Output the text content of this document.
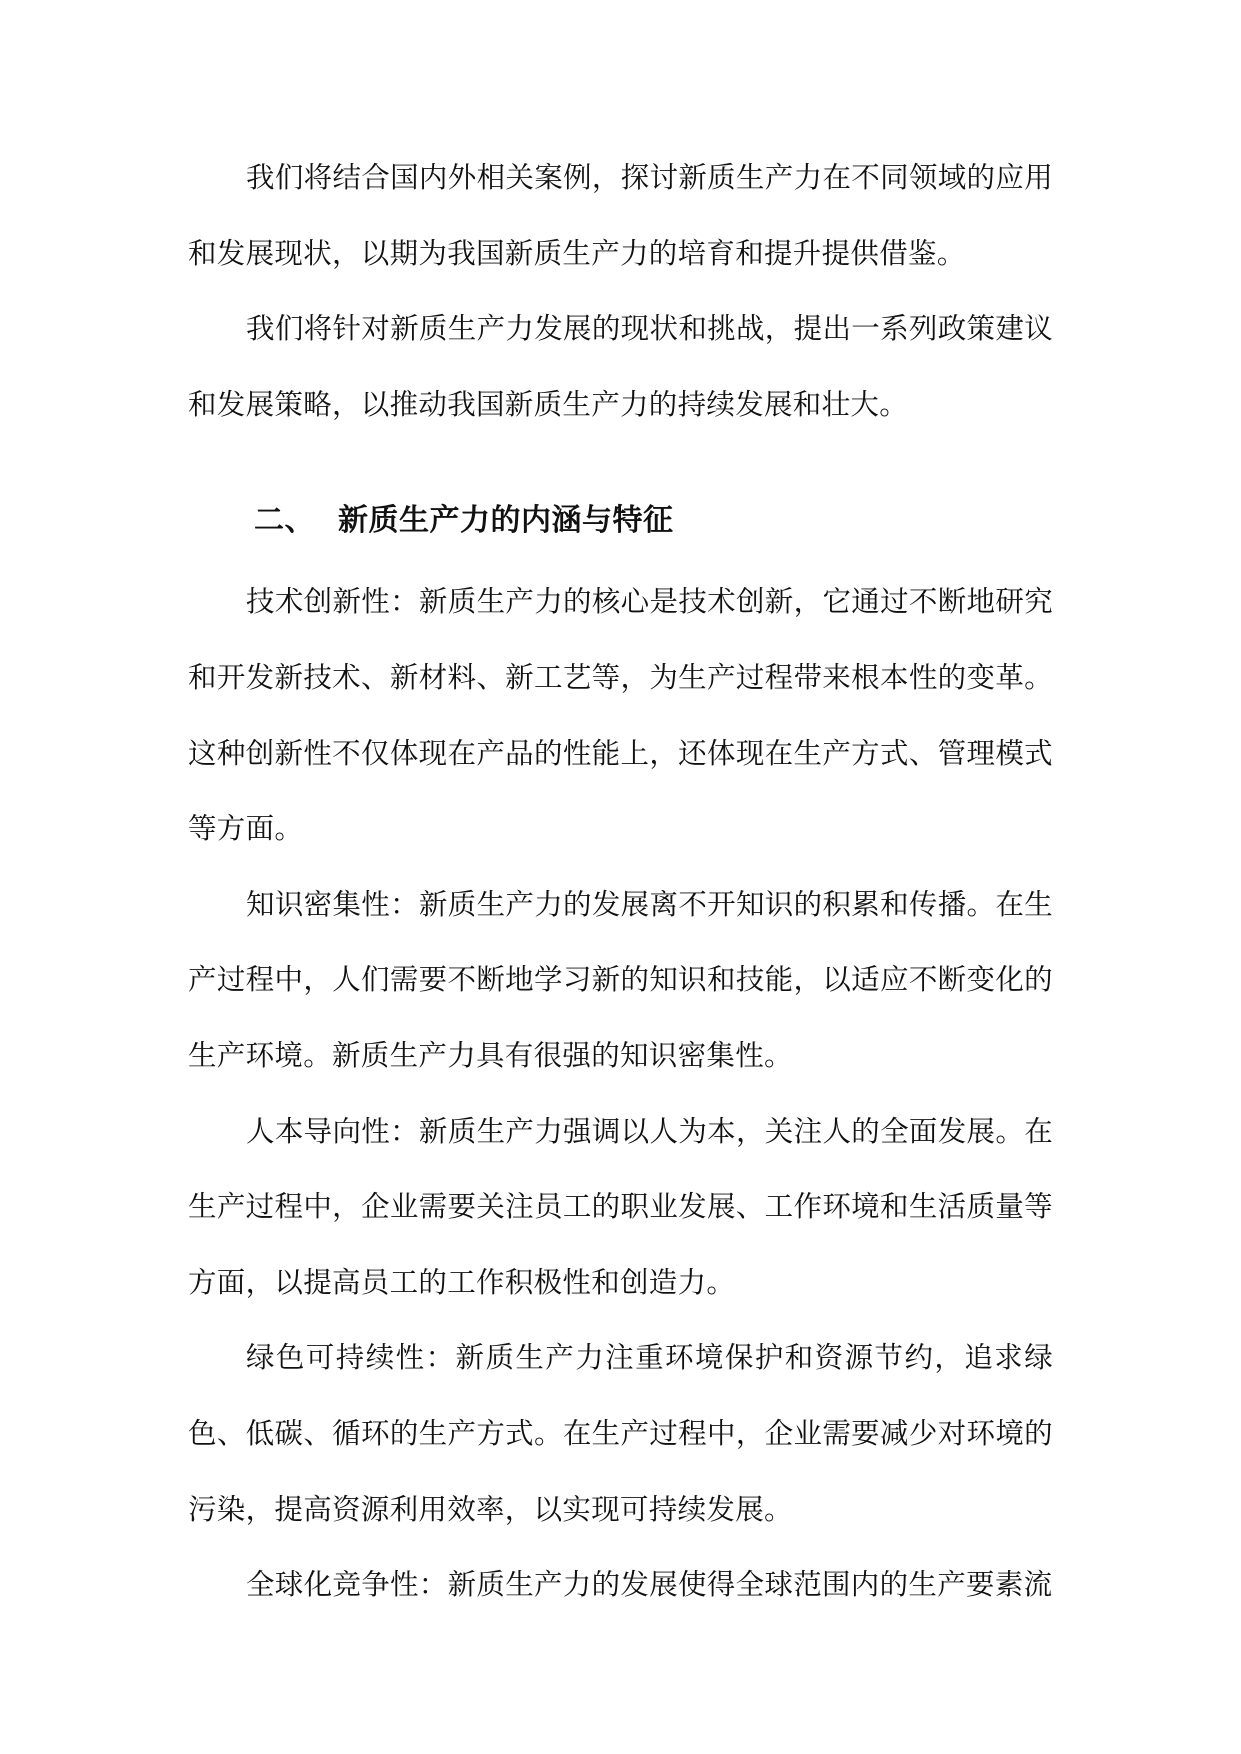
我们将结合国内外相关案例，探讨新质生产力在不同领域的应用和发展现状，以期为我国新质生产力的培育和提升提供借鉴。

我们将针对新质生产力发展的现状和挑战，提出一系列政策建议和发展策略，以推动我国新质生产力的持续发展和壮大。

二、 新质生产力的内涵与特征

技术创新性：新质生产力的核心是技术创新，它通过不断地研究和开发新技术、新材料、新工艺等，为生产过程带来根本性的变革。这种创新性不仅体现在产品的性能上，还体现在生产方式、管理模式等方面。

知识密集性：新质生产力的发展离不开知识的积累和传播。在生产过程中，人们需要不断地学习新的知识和技能，以适应不断变化的生产环境。新质生产力具有很强的知识密集性。

人本导向性：新质生产力强调以人为本，关注人的全面发展。在生产过程中，企业需要关注员工的职业发展、工作环境和生活质量等方面，以提高员工的工作积极性和创造力。

绿色可持续性：新质生产力注重环境保护和资源节约，追求绿色、低碳、循环的生产方式。在生产过程中，企业需要减少对环境的污染，提高资源利用效率，以实现可持续发展。

全球化竞争性：新质生产力的发展使得全球范围内的生产要素流
